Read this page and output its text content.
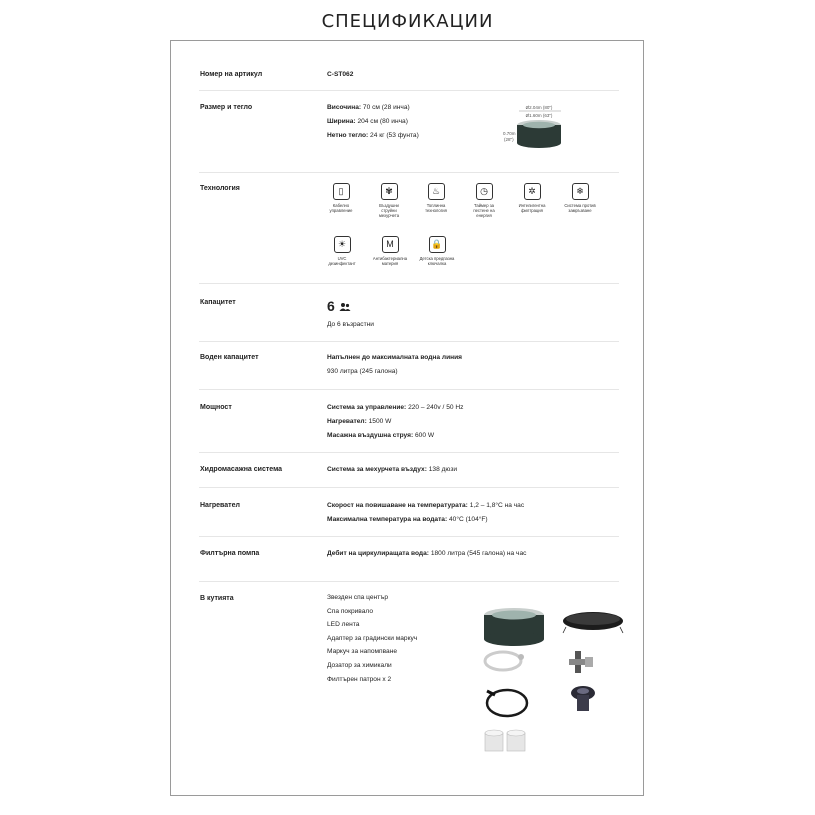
СПЕЦИФИКАЦИИ
Номер на артикул	C-ST062
Размер и тегло	Височина: 70 см (28 инча)
Ширина: 204 см (80 инча)
Нетно тегло: 24 кг (53 фунта)
Ø2.04m (80")
Ø1.60m (63")
0.70m
(28")
Технология	▯
Кабелно
управление
✾
Въздушни
струйни
мехурчета
♨
Топлинна
технология
◷
Таймер за
пестене на
енергия
✲
Интелигентна
филтрация
❄
Система против
замръзване
☀
UVC
дезинфектант
M
Антибактериална
материя
🔒
Детска предпазна
ключалка
Капацитет	6
До 6 възрастни
Воден капацитет	Напълнен до максималната водна линия
930 литра (245 галона)
Мощност	Система за управление: 220 – 240v / 50 Hz
Нагревател: 1500 W
Масажна въздушна струя: 600 W
Хидромасажна система	Система за мехурчета въздух: 138 дюзи
Нагревател	Скорост на повишаване на температурата: 1,2 – 1,8°C на час
Максимална температура на водата: 40°C (104°F)
Филтърна помпа	Дебит на циркулиращата вода: 1800 литра (545 галона) на час
В кутията	Звезден спа център
Спа покривало
LED лента
Адаптер за градински маркуч
Маркуч за напомпване
Дозатор за химикали
Филтърен патрон x 2
